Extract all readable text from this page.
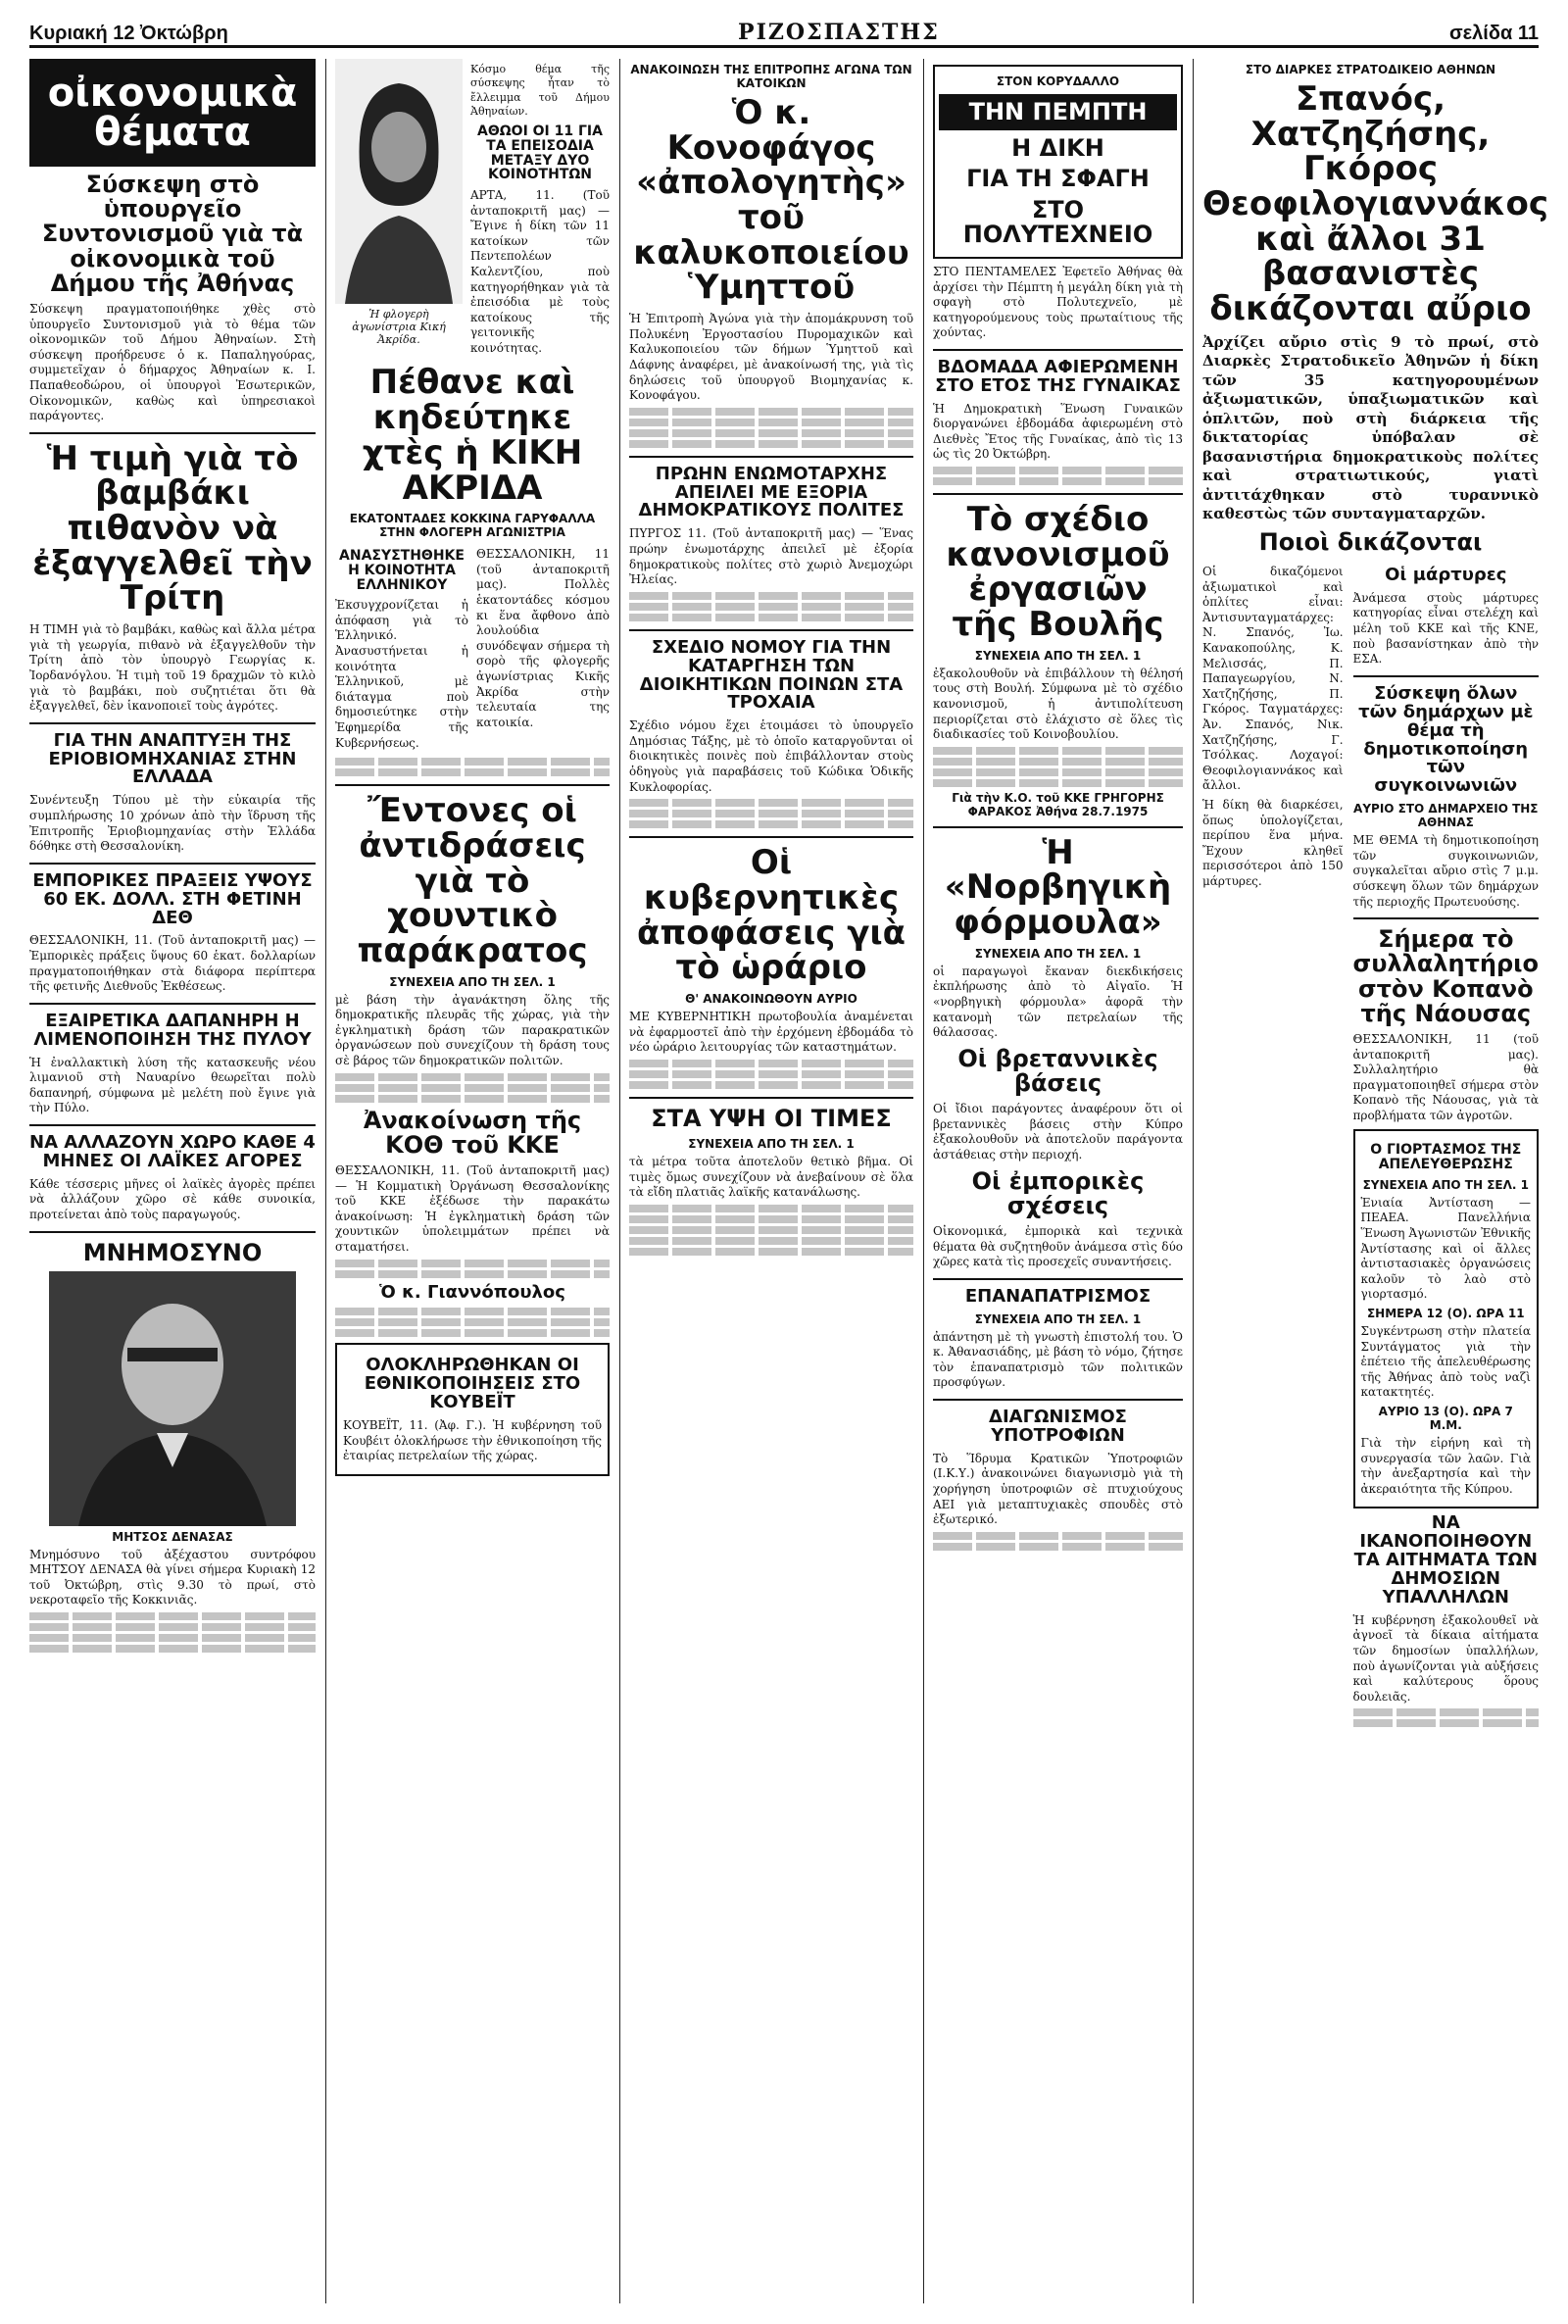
Κυριακή 12 Ὀκτώβρη	ΡΙΖΟΣΠΑΣΤΗΣ	σελίδα 11
οἰκονομικὰ
θέματα
Σύσκεψη στὸ ὑπουργεῖο Συντονισμοῦ γιὰ τὰ οἰκονομικὰ τοῦ Δήμου τῆς Ἀθήνας
Σύσκεψη πραγματοποιήθηκε χθὲς στὸ ὑπουργεῖο Συντονισμοῦ γιὰ τὸ θέμα τῶν οἰκονομικῶν τοῦ Δήμου Ἀθηναίων. Στὴ σύσκεψη προήδρευσε ὁ κ. Παπαληγούρας, συμμετεῖχαν ὁ δήμαρχος Ἀθηναίων κ. Ι. Παπαθεοδώρου, οἱ ὑπουργοὶ Ἐσωτερικῶν, Οἰκονομικῶν, καθὼς καὶ ὑπηρεσιακοὶ παράγοντες.
Ἡ τιμὴ γιὰ τὸ βαμβάκι πιθανὸν νὰ ἐξαγγελθεῖ τὴν Τρίτη
Η ΤΙΜΗ γιὰ τὸ βαμβάκι, καθὼς καὶ ἄλλα μέτρα γιὰ τὴ γεωργία, πιθανὸ νὰ ἐξαγγελθοῦν τὴν Τρίτη ἀπὸ τὸν ὑπουργὸ Γεωργίας κ. Ἰορδανόγλου. Ἡ τιμὴ τοῦ 19 δραχμῶν τὸ κιλὸ γιὰ τὸ βαμβάκι, ποὺ συζητιέται ὅτι θὰ ἐξαγγελθεῖ, δὲν ἱκανοποιεῖ τοὺς ἀγρότες.
ΓΙΑ ΤΗΝ ΑΝΑΠΤΥΞΗ ΤΗΣ ΕΡΙΟΒΙΟΜΗΧΑΝΙΑΣ ΣΤΗΝ ΕΛΛΑΔΑ
Συνέντευξη Τύπου μὲ τὴν εὐκαιρία τῆς συμπλήρωσης 10 χρόνων ἀπὸ τὴν ἵδρυση τῆς Ἐπιτροπῆς Ἐριοβιομηχανίας στὴν Ἑλλάδα δόθηκε στὴ Θεσσαλονίκη.
ΕΜΠΟΡΙΚΕΣ ΠΡΑΞΕΙΣ ΥΨΟΥΣ 60 ΕΚ. ΔΟΛΛ. ΣΤΗ ΦΕΤΙΝΗ ΔΕΘ
ΘΕΣΣΑΛΟΝΙΚΗ, 11. (Τοῦ ἀνταποκριτῆ μας) — Ἐμπορικὲς πράξεις ὕψους 60 ἑκατ. δολλαρίων πραγματοποιήθηκαν στὰ διάφορα περίπτερα τῆς φετινῆς Διεθνοῦς Ἐκθέσεως.
ΕΞΑΙΡΕΤΙΚΑ ΔΑΠΑΝΗΡΗ Η ΛΙΜΕΝΟΠΟΙΗΣΗ ΤΗΣ ΠΥΛΟΥ
Ἡ ἐναλλακτικὴ λύση τῆς κατασκευῆς νέου λιμανιοῦ στὴ Ναυαρίνο θεωρεῖται πολὺ δαπανηρή, σύμφωνα μὲ μελέτη ποὺ ἔγινε γιὰ τὴν Πύλο.
ΝΑ ΑΛΛΑΖΟΥΝ ΧΩΡΟ ΚΑΘΕ 4 ΜΗΝΕΣ ΟΙ ΛΑΪΚΕΣ ΑΓΟΡΕΣ
Κάθε τέσσερις μῆνες οἱ λαϊκὲς ἀγορὲς πρέπει νὰ ἀλλάζουν χῶρο σὲ κάθε συνοικία, προτείνεται ἀπὸ τοὺς παραγωγούς.
ΜΝΗΜΟΣΥΝΟ
ΜΗΤΣΟΣ ΔΕΝΑΣΑΣ
Μνημόσυνο τοῦ ἀξέχαστου συντρόφου ΜΗΤΣΟΥ ΔΕΝΑΣΑ θὰ γίνει σήμερα Κυριακὴ 12 τοῦ Ὀκτώβρη, στὶς 9.30 τὸ πρωί, στὸ νεκροταφεῖο τῆς Κοκκινιᾶς.
Ἡ φλογερὴ ἀγωνίστρια Κική Ἀκρίδα.
Κόσμο θέμα τῆς σύσκεψης ἦταν τὸ ἔλλειμμα τοῦ Δήμου Ἀθηναίων.
ΑΘΩΟΙ ΟΙ 11 ΓΙΑ ΤΑ ΕΠΕΙΣΟΔΙΑ ΜΕΤΑΞΥ ΔΥΟ ΚΟΙΝΟΤΗΤΩΝ
ΑΡΤΑ, 11. (Τοῦ ἀνταποκριτῆ μας) — Ἔγινε ἡ δίκη τῶν 11 κατοίκων τῶν Πεντεπολέων Καλεντζίου, ποὺ κατηγορήθηκαν γιὰ τὰ ἐπεισόδια μὲ τοὺς κατοίκους τῆς γειτονικῆς κοινότητας.
Πέθανε καὶ κηδεύτηκε χτὲς ἡ ΚΙΚΗ ΑΚΡΙΔΑ
ΕΚΑΤΟΝΤΑΔΕΣ ΚΟΚΚΙΝΑ ΓΑΡΥΦΑΛΛΑ ΣΤΗΝ ΦΛΟΓΕΡΗ ΑΓΩΝΙΣΤΡΙΑ
ΑΝΑΣΥΣΤΗΘΗΚΕ Η ΚΟΙΝΟΤΗΤΑ ΕΛΛΗΝΙΚΟΥ
Ἐκσυγχρονίζεται ἡ ἀπόφαση γιὰ τὸ Ἑλληνικό. Ἀνασυστήνεται ἡ κοινότητα Ἑλληνικοῦ, μὲ διάταγμα ποὺ δημοσιεύτηκε στὴν Ἐφημερίδα τῆς Κυβερνήσεως.
ΘΕΣΣΑΛΟΝΙΚΗ, 11 (τοῦ ἀνταποκριτῆ μας). Πολλὲς ἑκατοντάδες κόσμου κι ἕνα ἄφθονο ἀπὸ λουλούδια συνόδεψαν σήμερα τὴ σορὸ τῆς φλογερῆς ἀγωνίστριας Κικῆς Ἀκρίδα στὴν τελευταία της κατοικία.
Ἔντονες οἱ ἀντιδράσεις γιὰ τὸ χουντικὸ παράκρατος
ΣΥΝΕΧΕΙΑ ΑΠΟ ΤΗ ΣΕΛ. 1
μὲ βάση τὴν ἀγανάκτηση ὅλης τῆς δημοκρατικῆς πλευρᾶς τῆς χώρας, γιὰ τὴν ἐγκληματικὴ δράση τῶν παρακρατικῶν ὀργανώσεων ποὺ συνεχίζουν τὴ δράση τους σὲ βάρος τῶν δημοκρατικῶν πολιτῶν.
Ἀνακοίνωση τῆς ΚΟΘ τοῦ ΚΚΕ
ΘΕΣΣΑΛΟΝΙΚΗ, 11. (Τοῦ ἀνταποκριτῆ μας) — Ἡ Κομματικὴ Ὀργάνωση Θεσσαλονίκης τοῦ ΚΚΕ ἐξέδωσε τὴν παρακάτω ἀνακοίνωση: Ἡ ἐγκληματικὴ δράση τῶν χουντικῶν ὑπολειμμάτων πρέπει νὰ σταματήσει.
Ὁ κ. Γιαννόπουλος
ΟΛΟΚΛΗΡΩΘΗΚΑΝ ΟΙ ΕΘΝΙΚΟΠΟΙΗΣΕΙΣ ΣΤΟ ΚΟΥΒΕΪΤ
ΚΟΥΒΕΪΤ, 11. (Ἀφ. Γ.). Ἡ κυβέρνηση τοῦ Κουβέιτ ὁλοκλήρωσε τὴν ἐθνικοποίηση τῆς ἐταιρίας πετρελαίων τῆς χώρας.
ΑΝΑΚΟΙΝΩΣΗ ΤΗΣ ΕΠΙΤΡΟΠΗΣ ΑΓΩΝΑ ΤΩΝ ΚΑΤΟΙΚΩΝ
Ὁ κ. Κονοφάγος «ἀπολογητὴς» τοῦ καλυκοποιείου Ὑμηττοῦ
Ἡ Ἐπιτροπὴ Ἀγώνα γιὰ τὴν ἀπομάκρυνση τοῦ Πολυκένη Ἐργοστασίου Πυρομαχικῶν καὶ Καλυκοποιείου τῶν δήμων Ὑμηττοῦ καὶ Δάφνης ἀναφέρει, μὲ ἀνακοίνωσή της, γιὰ τὶς δηλώσεις τοῦ ὑπουργοῦ Βιομηχανίας κ. Κονοφάγου.
ΠΡΩΗΝ ΕΝΩΜΟΤΑΡΧΗΣ ΑΠΕΙΛΕΙ ΜΕ ΕΞΟΡΙΑ ΔΗΜΟΚΡΑΤΙΚΟΥΣ ΠΟΛΙΤΕΣ
ΠΥΡΓΟΣ 11. (Τοῦ ἀνταποκριτῆ μας) — Ἕνας πρώην ἐνωμοτάρχης ἀπειλεῖ μὲ ἐξορία δημοκρατικοὺς πολίτες στὸ χωριὸ Ἀνεμοχώρι Ἠλείας.
ΣΧΕΔΙΟ ΝΟΜΟΥ ΓΙΑ ΤΗΝ ΚΑΤΑΡΓΗΣΗ ΤΩΝ ΔΙΟΙΚΗΤΙΚΩΝ ΠΟΙΝΩΝ ΣΤΑ ΤΡΟΧΑΙΑ
Σχέδιο νόμου ἔχει ἑτοιμάσει τὸ ὑπουργεῖο Δημόσιας Τάξης, μὲ τὸ ὁποῖο καταργοῦνται οἱ διοικητικὲς ποινὲς ποὺ ἐπιβάλλονταν στοὺς ὁδηγοὺς γιὰ παραβάσεις τοῦ Κώδικα Ὁδικῆς Κυκλοφορίας.
Οἱ κυβερνητικὲς ἀποφάσεις γιὰ τὸ ὡράριο
Θ' ΑΝΑΚΟΙΝΩΘΟΥΝ ΑΥΡΙΟ
ΜΕ ΚΥΒΕΡΝΗΤΙΚΗ πρωτοβουλία ἀναμένεται νὰ ἐφαρμοστεῖ ἀπὸ τὴν ἐρχόμενη ἑβδομάδα τὸ νέο ὡράριο λειτουργίας τῶν καταστημάτων.
ΣΤΑ ΥΨΗ ΟΙ ΤΙΜΕΣ
ΣΥΝΕΧΕΙΑ ΑΠΟ ΤΗ ΣΕΛ. 1
τὰ μέτρα τοῦτα ἀποτελοῦν θετικὸ βῆμα. Οἱ τιμὲς ὅμως συνεχίζουν νὰ ἀνεβαίνουν σὲ ὅλα τὰ εἴδη πλατιᾶς λαϊκῆς κατανάλωσης.
ΣΤΟΝ ΚΟΡΥΔΑΛΛΟ
ΤΗΝ ΠΕΜΠΤΗ
Η ΔΙΚΗ
ΓΙΑ ΤΗ ΣΦΑΓΗ
ΣΤΟ ΠΟΛΥΤΕΧΝΕΙΟ
ΣΤΟ ΠΕΝΤΑΜΕΛΕΣ Ἐφετεῖο Ἀθήνας θὰ ἀρχίσει τὴν Πέμπτη ἡ μεγάλη δίκη γιὰ τὴ σφαγὴ στὸ Πολυτεχνεῖο, μὲ κατηγορούμενους τοὺς πρωταίτιους τῆς χούντας.
ΒΔΟΜΑΔΑ ΑΦΙΕΡΩΜΕΝΗ ΣΤΟ ΕΤΟΣ ΤΗΣ ΓΥΝΑΙΚΑΣ
Ἡ Δημοκρατικὴ Ἕνωση Γυναικῶν διοργανώνει ἑβδομάδα ἀφιερωμένη στὸ Διεθνὲς Ἔτος τῆς Γυναίκας, ἀπὸ τὶς 13 ὡς τὶς 20 Ὀκτώβρη.
Τὸ σχέδιο κανονισμοῦ ἐργασιῶν τῆς Βουλῆς
ΣΥΝΕΧΕΙΑ ΑΠΟ ΤΗ ΣΕΛ. 1
ἐξακολουθοῦν νὰ ἐπιβάλλουν τὴ θέλησή τους στὴ Βουλή. Σύμφωνα μὲ τὸ σχέδιο κανονισμοῦ, ἡ ἀντιπολίτευση περιορίζεται στὸ ἐλάχιστο σὲ ὅλες τὶς διαδικασίες τοῦ Κοινοβουλίου.
Γιὰ τὴν Κ.Ο. τοῦ ΚΚΕ ΓΡΗΓΟΡΗΣ ΦΑΡΑΚΟΣ Ἀθήνα 28.7.1975
Ἡ «Νορβηγικὴ φόρμουλα»
ΣΥΝΕΧΕΙΑ ΑΠΟ ΤΗ ΣΕΛ. 1
οἱ παραγωγοὶ ἔκαναν διεκδικήσεις ἐκπλήρωσης ἀπὸ τὸ Αἰγαῖο. Ἡ «νορβηγικὴ φόρμουλα» ἀφορᾶ τὴν κατανομὴ τῶν πετρελαίων τῆς θάλασσας.
Οἱ βρεταννικὲς βάσεις
Οἱ ἴδιοι παράγοντες ἀναφέρουν ὅτι οἱ βρεταννικὲς βάσεις στὴν Κύπρο ἐξακολουθοῦν νὰ ἀποτελοῦν παράγοντα ἀστάθειας στὴν περιοχή.
Οἱ ἐμπορικὲς σχέσεις
Οἰκονομικά, ἐμπορικὰ καὶ τεχνικὰ θέματα θὰ συζητηθοῦν ἀνάμεσα στὶς δύο χῶρες κατὰ τὶς προσεχεῖς συναντήσεις.
ΕΠΑΝΑΠΑΤΡΙΣΜΟΣ
ΣΥΝΕΧΕΙΑ ΑΠΟ ΤΗ ΣΕΛ. 1
ἀπάντηση μὲ τὴ γνωστὴ ἐπιστολή του. Ὁ κ. Ἀθανασιάδης, μὲ βάση τὸ νόμο, ζήτησε τὸν ἐπαναπατρισμὸ τῶν πολιτικῶν προσφύγων.
ΔΙΑΓΩΝΙΣΜΟΣ ΥΠΟΤΡΟΦΙΩΝ
Τὸ Ἵδρυμα Κρατικῶν Ὑποτροφιῶν (Ι.Κ.Υ.) ἀνακοινώνει διαγωνισμὸ γιὰ τὴ χορήγηση ὑποτροφιῶν σὲ πτυχιούχους ΑΕΙ γιὰ μεταπτυχιακὲς σπουδὲς στὸ ἐξωτερικό.
ΣΤΟ ΔΙΑΡΚΕΣ ΣΤΡΑΤΟΔΙΚΕΙΟ ΑΘΗΝΩΝ
Σπανός, Χατζηζήσης, Γκόρος Θεοφιλογιαννάκος καὶ ἄλλοι 31 βασανιστὲς δικάζονται αὔριο
Ἀρχίζει αὔριο στὶς 9 τὸ πρωί, στὸ Διαρκὲς Στρατοδικεῖο Ἀθηνῶν ἡ δίκη τῶν 35 κατηγορουμένων ἀξιωματικῶν, ὑπαξιωματικῶν καὶ ὁπλιτῶν, ποὺ στὴ διάρκεια τῆς δικτατορίας ὑπόβαλαν σὲ βασανιστήρια δημοκρατικοὺς πολίτες καὶ στρατιωτικούς, γιατὶ ἀντιτάχθηκαν στὸ τυραννικὸ καθεστὼς τῶν συνταγματαρχῶν.
Ποιοὶ δικάζονται
Οἱ δικαζόμενοι ἀξιωματικοὶ καὶ ὁπλίτες εἶναι: Ἀντισυνταγματάρχες: Ν. Σπανός, Ἰω. Κανακοπούλης, Κ. Μελισσάς, Π. Παπαγεωργίου, Ν. Χατζηζήσης, Π. Γκόρος. Ταγματάρχες: Ἀν. Σπανός, Νικ. Χατζηζήσης, Γ. Τσόλκας. Λοχαγοί: Θεοφιλογιαννάκος καὶ ἄλλοι.
Ἡ δίκη θὰ διαρκέσει, ὅπως ὑπολογίζεται, περίπου ἕνα μήνα. Ἔχουν κληθεῖ περισσότεροι ἀπὸ 150 μάρτυρες.
Οἱ μάρτυρες
Ἀνάμεσα στοὺς μάρτυρες κατηγορίας εἶναι στελέχη καὶ μέλη τοῦ ΚΚΕ καὶ τῆς ΚΝΕ, ποὺ βασανίστηκαν ἀπὸ τὴν ΕΣΑ.
Σύσκεψη ὅλων τῶν δημάρχων μὲ θέμα τὴ δημοτικοποίηση τῶν συγκοινωνιῶν
ΑΥΡΙΟ ΣΤΟ ΔΗΜΑΡΧΕΙΟ ΤΗΣ ΑΘΗΝΑΣ
ΜΕ ΘΕΜΑ τὴ δημοτικοποίηση τῶν συγκοινωνιῶν, συγκαλεῖται αὔριο στὶς 7 μ.μ. σύσκεψη ὅλων τῶν δημάρχων τῆς περιοχῆς Πρωτευούσης.
Σήμερα τὸ συλλαλητήριο στὸν Κοπανὸ τῆς Νάουσας
ΘΕΣΣΑΛΟΝΙΚΗ, 11 (τοῦ ἀνταποκριτῆ μας). Συλλαλητήριο θὰ πραγματοποιηθεῖ σήμερα στὸν Κοπανὸ τῆς Νάουσας, γιὰ τὰ προβλήματα τῶν ἀγροτῶν.
Ο ΓΙΟΡΤΑΣΜΟΣ ΤΗΣ ΑΠΕΛΕΥΘΕΡΩΣΗΣ
ΣΥΝΕΧΕΙΑ ΑΠΟ ΤΗ ΣΕΛ. 1
Ἑνιαία Ἀντίσταση — ΠΕΑΕΑ. Πανελλήνια Ἕνωση Ἀγωνιστῶν Ἐθνικῆς Ἀντίστασης καὶ οἱ ἄλλες ἀντιστασιακὲς ὀργανώσεις καλοῦν τὸ λαὸ στὸ γιορτασμό.
ΣΗΜΕΡΑ 12 (Ο). ΩΡΑ 11
Συγκέντρωση στὴν πλατεία Συντάγματος γιὰ τὴν ἐπέτειο τῆς ἀπελευθέρωσης τῆς Ἀθήνας ἀπὸ τοὺς ναζὶ κατακτητές.
ΑΥΡΙΟ 13 (Ο). ΩΡΑ 7 Μ.Μ.
Γιὰ τὴν εἰρήνη καὶ τὴ συνεργασία τῶν λαῶν. Γιὰ τὴν ἀνεξαρτησία καὶ τὴν ἀκεραιότητα τῆς Κύπρου.
ΝΑ ΙΚΑΝΟΠΟΙΗΘΟΥΝ ΤΑ ΑΙΤΗΜΑΤΑ ΤΩΝ ΔΗΜΟΣΙΩΝ ΥΠΑΛΛΗΛΩΝ
Ἡ κυβέρνηση ἐξακολουθεῖ νὰ ἀγνοεῖ τὰ δίκαια αἰτήματα τῶν δημοσίων ὑπαλλήλων, ποὺ ἀγωνίζονται γιὰ αὐξήσεις καὶ καλύτερους ὅρους δουλειᾶς.
